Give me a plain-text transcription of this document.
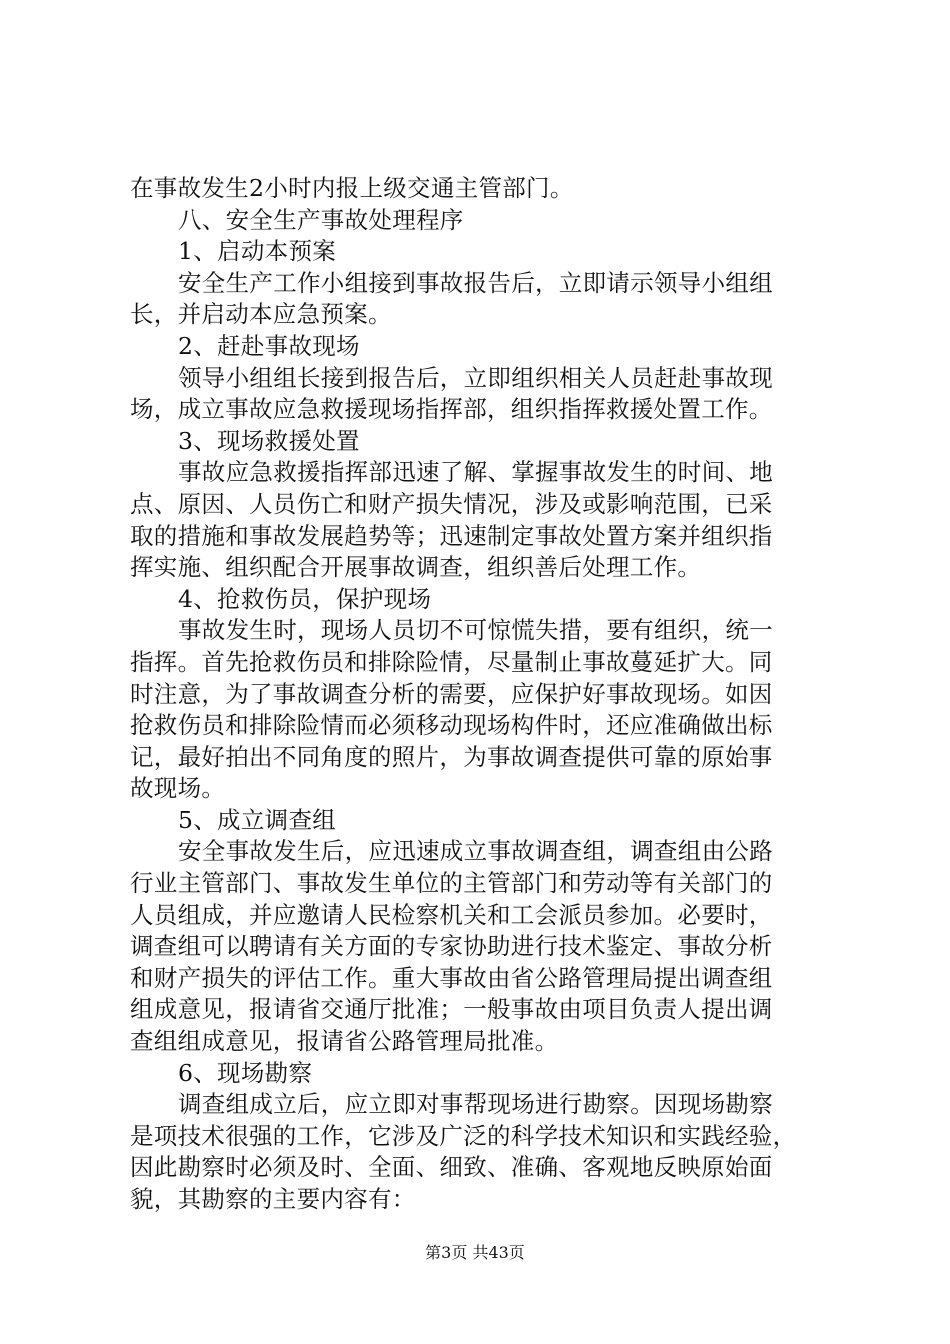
在事故发生2小时内报上级交通主管部门。
八、安全生产事故处理程序
1、启动本预案
安全生产工作小组接到事故报告后，立即请示领导小组组
长，并启动本应急预案。
2、赶赴事故现场
领导小组组长接到报告后，立即组织相关人员赶赴事故现
场，成立事故应急救援现场指挥部，组织指挥救援处置工作。
3、现场救援处置
事故应急救援指挥部迅速了解、掌握事故发生的时间、地
点、原因、人员伤亡和财产损失情况，涉及或影响范围，已采
取的措施和事故发展趋势等；迅速制定事故处置方案并组织指
挥实施、组织配合开展事故调查，组织善后处理工作。
4、抢救伤员，保护现场
事故发生时，现场人员切不可惊慌失措，要有组织，统一
指挥。首先抢救伤员和排除险情，尽量制止事故蔓延扩大。同
时注意，为了事故调查分析的需要，应保护好事故现场。如因
抢救伤员和排除险情而必须移动现场构件时，还应准确做出标
记，最好拍出不同角度的照片，为事故调查提供可靠的原始事
故现场。
5、成立调查组
安全事故发生后，应迅速成立事故调查组，调查组由公路
行业主管部门、事故发生单位的主管部门和劳动等有关部门的
人员组成，并应邀请人民检察机关和工会派员参加。必要时，
调查组可以聘请有关方面的专家协助进行技术鉴定、事故分析
和财产损失的评估工作。重大事故由省公路管理局提出调查组
组成意见，报请省交通厅批准；一般事故由项目负责人提出调
查组组成意见，报请省公路管理局批准。
6、现场勘察
调查组成立后，应立即对事帮现场进行勘察。因现场勘察
是项技术很强的工作，它涉及广泛的科学技术知识和实践经验，
因此勘察时必须及时、全面、细致、准确、客观地反映原始面
貌，其勘察的主要内容有：
第3页 共43页
